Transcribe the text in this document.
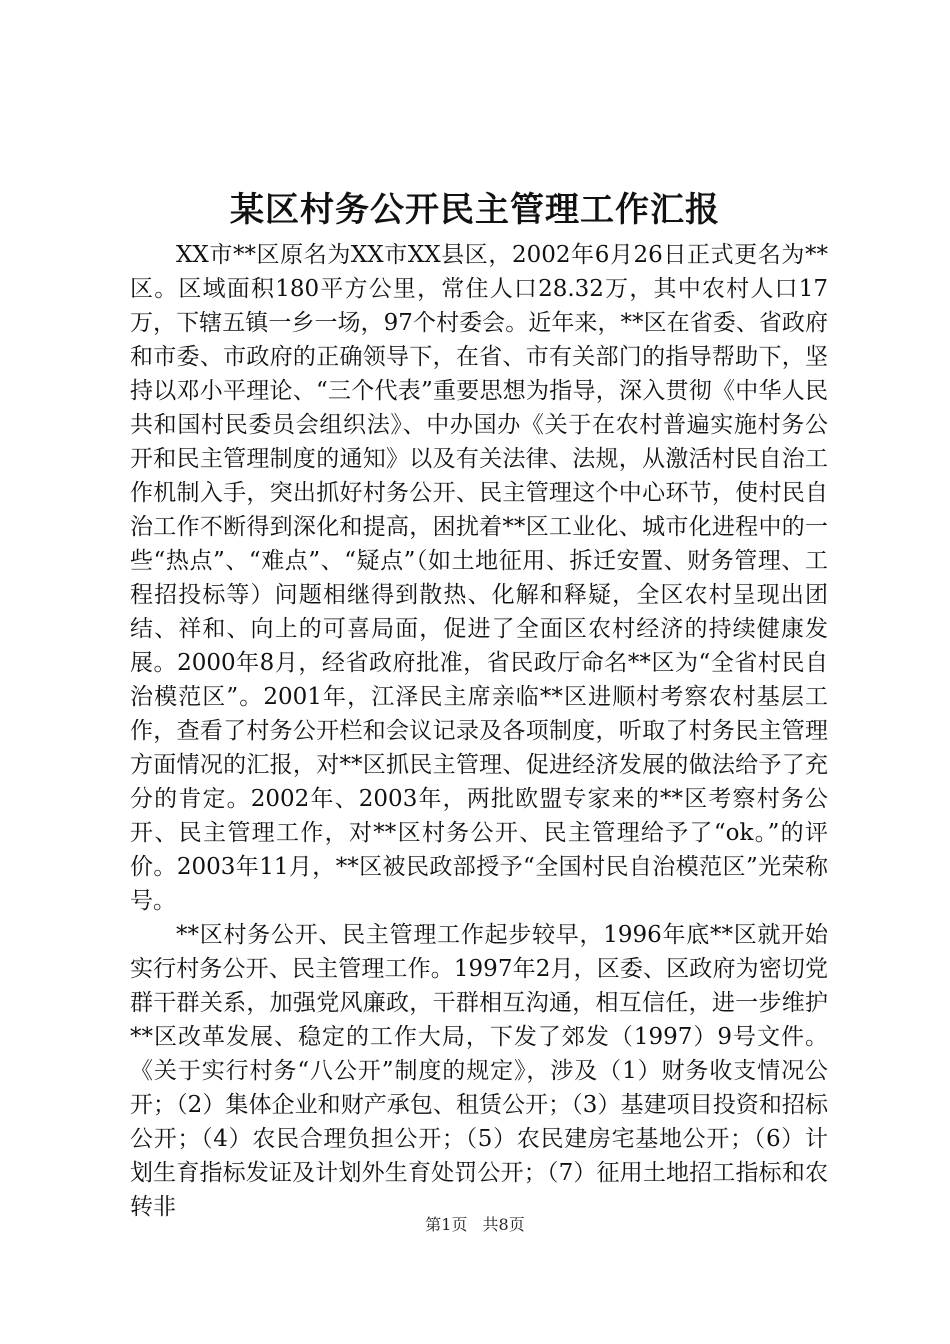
某区村务公开民主管理工作汇报

XX市**区原名为XX市XX县区，2002年6月26日正式更名为**区。区域面积180平方公里，常住人口28.32万，其中农村人口17万，下辖五镇一乡一场，97个村委会。近年来，**区在省委、省政府和市委、市政府的正确领导下，在省、市有关部门的指导帮助下，坚持以邓小平理论、“三个代表”重要思想为指导，深入贯彻《中华人民共和国村民委员会组织法》、中办国办《关于在农村普遍实施村务公开和民主管理制度的通知》以及有关法律、法规，从激活村民自治工作机制入手，突出抓好村务公开、民主管理这个中心环节，使村民自治工作不断得到深化和提高，困扰着**区工业化、城市化进程中的一些“热点”、“难点”、“疑点”（如土地征用、拆迁安置、财务管理、工程招投标等）问题相继得到散热、化解和释疑，全区农村呈现出团结、祥和、向上的可喜局面，促进了全面区农村经济的持续健康发展。2000年8月，经省政府批准，省民政厅命名**区为“全省村民自治模范区”。2001年，江泽民主席亲临**区进顺村考察农村基层工作，查看了村务公开栏和会议记录及各项制度，听取了村务民主管理方面情况的汇报，对**区抓民主管理、促进经济发展的做法给予了充分的肯定。2002年、2003年，两批欧盟专家来的**区考察村务公开、民主管理工作，对**区村务公开、民主管理给予了“ok。”的评价。2003年11月，**区被民政部授予“全国村民自治模范区”光荣称号。

**区村务公开、民主管理工作起步较早，1996年底**区就开始实行村务公开、民主管理工作。1997年2月，区委、区政府为密切党群干群关系，加强党风廉政，干群相互沟通，相互信任，进一步维护**区改革发展、稳定的工作大局，下发了郊发（1997）9号文件。《关于实行村务“八公开”制度的规定》，涉及（1）财务收支情况公开；（2）集体企业和财产承包、租赁公开；（3）基建项目投资和招标公开；（4）农民合理负担公开；（5）农民建房宅基地公开；（6）计划生育指标发证及计划外生育处罚公开；（7）征用土地招工指标和农转非

第1页 共8页
